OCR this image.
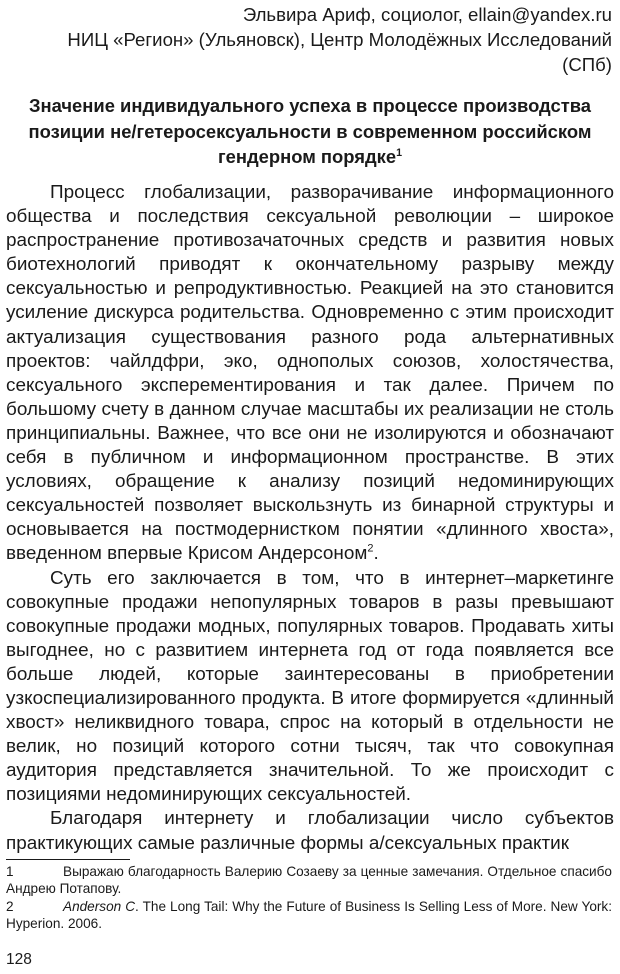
Эльвира Ариф, социолог, ellain@yandex.ru
НИЦ «Регион» (Ульяновск), Центр Молодёжных Исследований
(СПб)
Значение индивидуального успеха в процессе производства позиции не/гетеросексуальности в современном российском гендерном порядке$^1$

Процесс глобализации, разворачивание информационного общества и последствия сексуальной революции – широкое распространение противозачаточных средств и развития новых биотехнологий приводят к окончательному разрыву между сексуальностью и репродуктивностью. Реакцией на это становится усиление дискурса родительства. Одновременно с этим происходит актуализация существования разного рода альтернативных проектов: чайлдфри, эко, однополых союзов, холостячества, сексуального эксперементирования и так далее. Причем по большому счету в данном случае масштабы их реализации не столь принципиальны. Важнее, что все они не изолируются и обозначают себя в публичном и информационном пространстве. В этих условиях, обращение к анализу позиций недоминирующих сексуальностей позволяет выскользнуть из бинарной структуры и основывается на постмодернистком понятии «длинного хвоста», введенном впервые Крисом Андерсоном$^2$.

Суть его заключается в том, что в интернет–маркетинге совокупные продажи непопулярных товаров в разы превышают совокупные продажи модных, популярных товаров. Продавать хиты выгоднее, но с развитием интернета год от года появляется все больше людей, которые заинтересованы в приобретении узкоспециализированного продукта. В итоге формируется «длинный хвост» неликвидного товара, спрос на который в отдельности не велик, но позиций которого сотни тысяч, так что совокупная аудитория представляется значительной. То же происходит с позициями недоминирующих сексуальностей.

Благодаря интернету и глобализации число субъектов практикующих самые различные формы а/сексуальных практик

1	Выражаю благодарность Валерию Созаеву за ценные замечания. Отдельное спасибо Андрею Потапову.

2	Anderson C. The Long Tail: Why the Future of Business Is Selling Less of More. New York: Hyperion. 2006.

128
